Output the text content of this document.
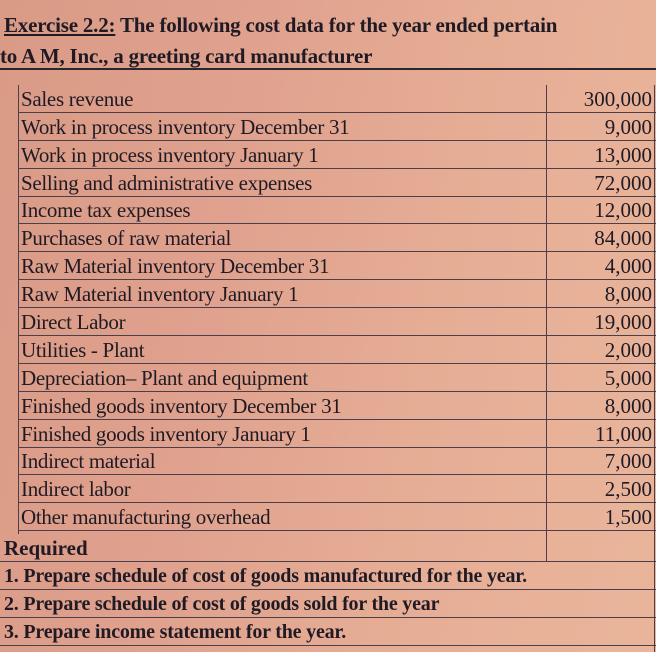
Exercise 2.2: The following cost data for the year ended pertain
to A M, Inc., a greeting card manufacturer
Sales revenue	300,000
Work in process inventory December 31	9,000
Work in process inventory January 1	13,000
Selling and administrative expenses	72,000
Income tax expenses	12,000
Purchases of raw material	84,000
Raw Material inventory December 31	4,000
Raw Material inventory January 1	8,000
Direct Labor	19,000
Utilities - Plant	2,000
Depreciation– Plant and equipment	5,000
Finished goods inventory December 31	8,000
Finished goods inventory January 1	11,000
Indirect material	7,000
Indirect labor	2,500
Other manufacturing overhead	1,500
Required
1. Prepare schedule of cost of goods manufactured for the year.
2. Prepare schedule of cost of goods sold for the year
3. Prepare income statement for the year.
